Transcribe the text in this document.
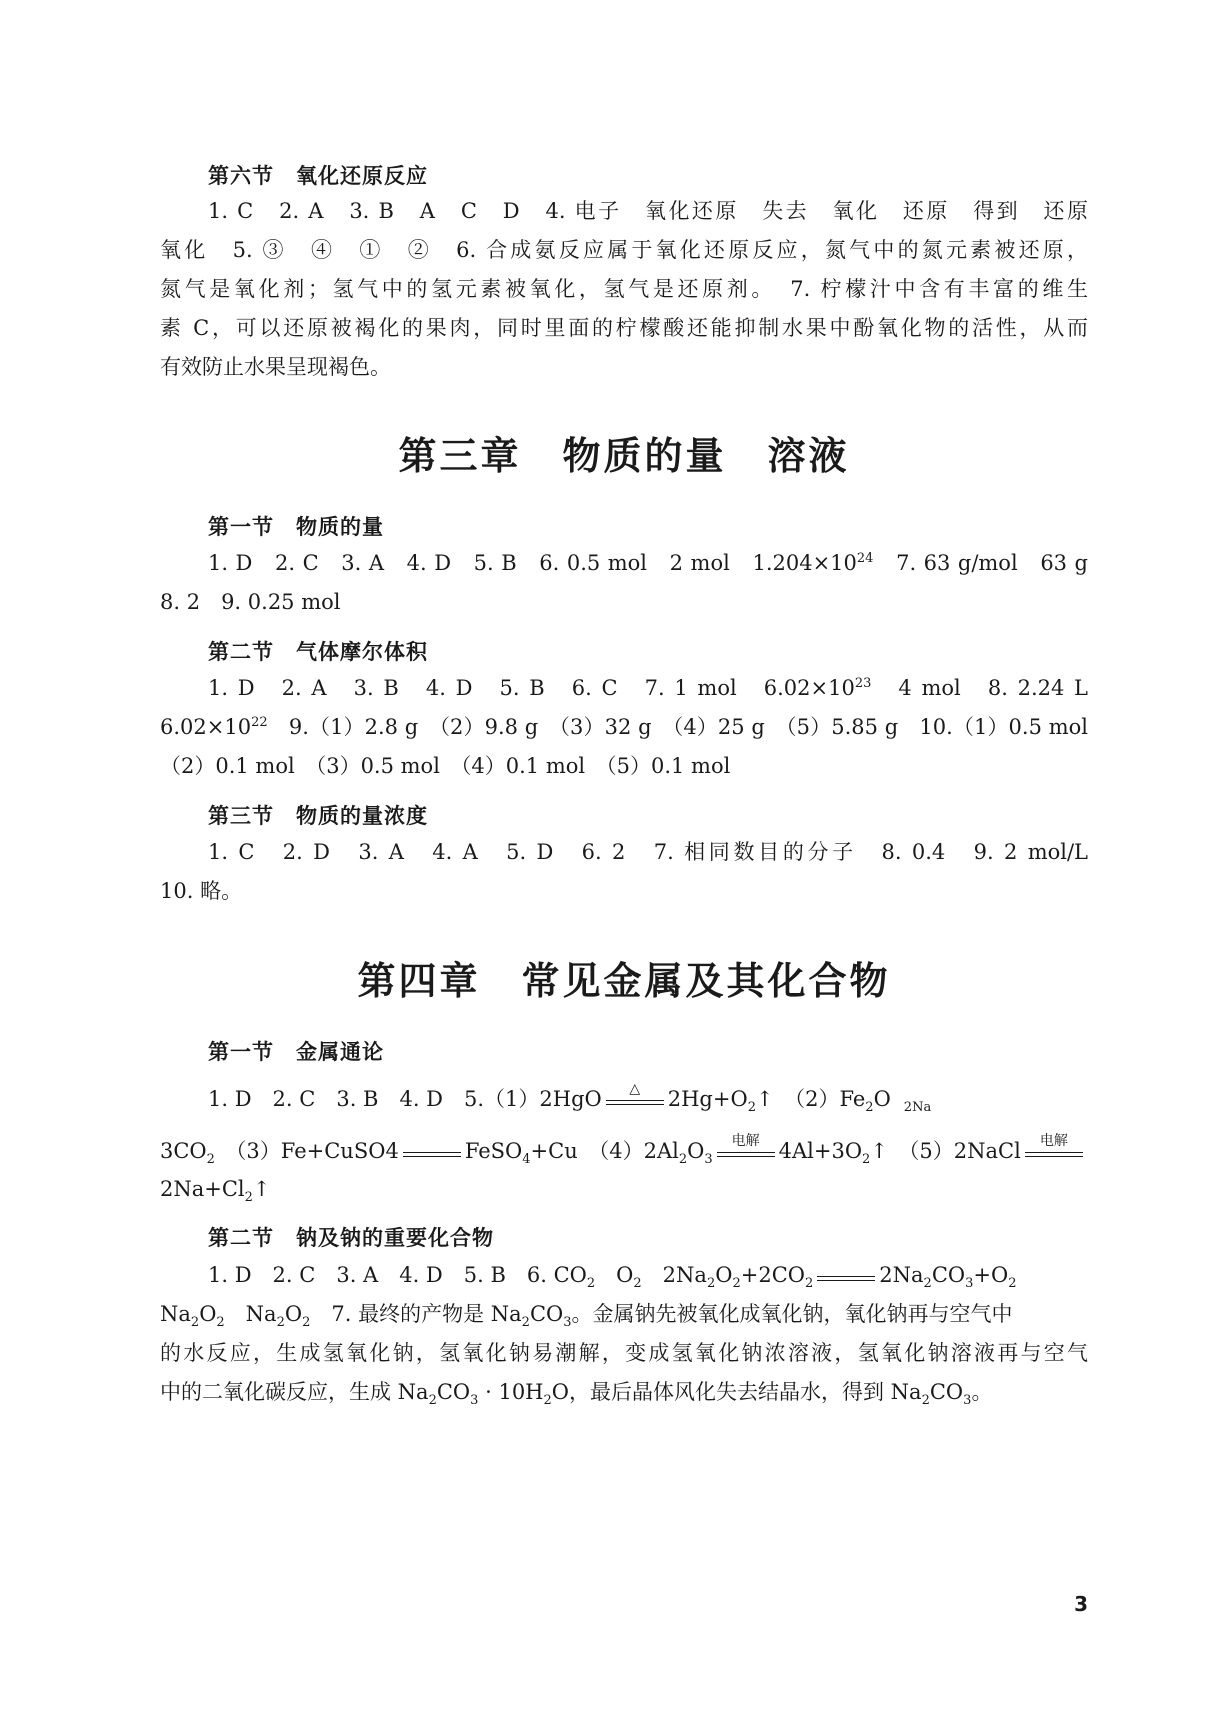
第六节　氧化还原反应
1. C　2. A　3. B　A　C　D　4. 电子　氧化还原　失去　氧化　还原　得到　还原
氧化　5. ③　④　①　②　6. 合成氨反应属于氧化还原反应，氮气中的氮元素被还原，
氮气是氧化剂；氢气中的氢元素被氧化，氢气是还原剂。　7. 柠檬汁中含有丰富的维生
素 C，可以还原被褐化的果肉，同时里面的柠檬酸还能抑制水果中酚氧化物的活性，从而
有效防止水果呈现褐色。
第三章　物质的量　溶液
第一节　物质的量
1. D　2. C　3. A　4. D　5. B　6. 0.5 mol　2 mol　$1.204\times 10^{24}$　7. 63 g/mol　63 g
8. 2　9. 0.25 mol
第二节　气体摩尔体积
1. D　2. A　3. B　4. D　5. B　6. C　7. 1 mol　$6.02\times 10^{23}$　4 mol　8. 2.24 L
$6.02\times 10^{22}$　9.（1）2.8 g　（2）9.8 g　（3）32 g　（4）25 g　（5）5.85 g　10.（1）0.5 mol
（2）0.1 mol　（3）0.5 mol　（4）0.1 mol　（5）0.1 mol
第三节　物质的量浓度
1. C　2. D　3. A　4. A　5. D　6. 2　7. 相同数目的分子　8. 0.4　9. 2 mol/L
10. 略。
第四章　常见金属及其化合物
第一节　金属通论
1. D　2. C　3. B　4. D　5.（1）2HgO	△	$2Hg+O_2↑$　$(2)Fe_2O$　$_{2Na}$
$3CO_2$　（3）Fe+CuSO4	FeSO$_4$+Cu　$(4)2Al_2O_3$
电解 $4Al+3O_2↑$　（5）2NaCl	电解
$2Na+Cl_2↑$
第二节　钠及钠的重要化合物
1. D　2. C　3. A　4. D　5. B　6. $CO_2$　$O_2$　$2Na_2O_2+2CO_2$	$2Na_2CO_3+O_2$
$Na_2O_2$　$Na_2O_2$　7. 最终的产物是 $Na_2CO_3$。金属钠先被氧化成氧化钠，氧化钠再与空气中
的水反应，生成氢氧化钠，氢氧化钠易潮解，变成氢氧化钠浓溶液，氢氧化钠溶液再与空气
中的二氧化碳反应，生成 $Na_2CO_3 \cdot 10H_2O$，最后晶体风化失去结晶水，得到 $Na_2CO_3$。
3
